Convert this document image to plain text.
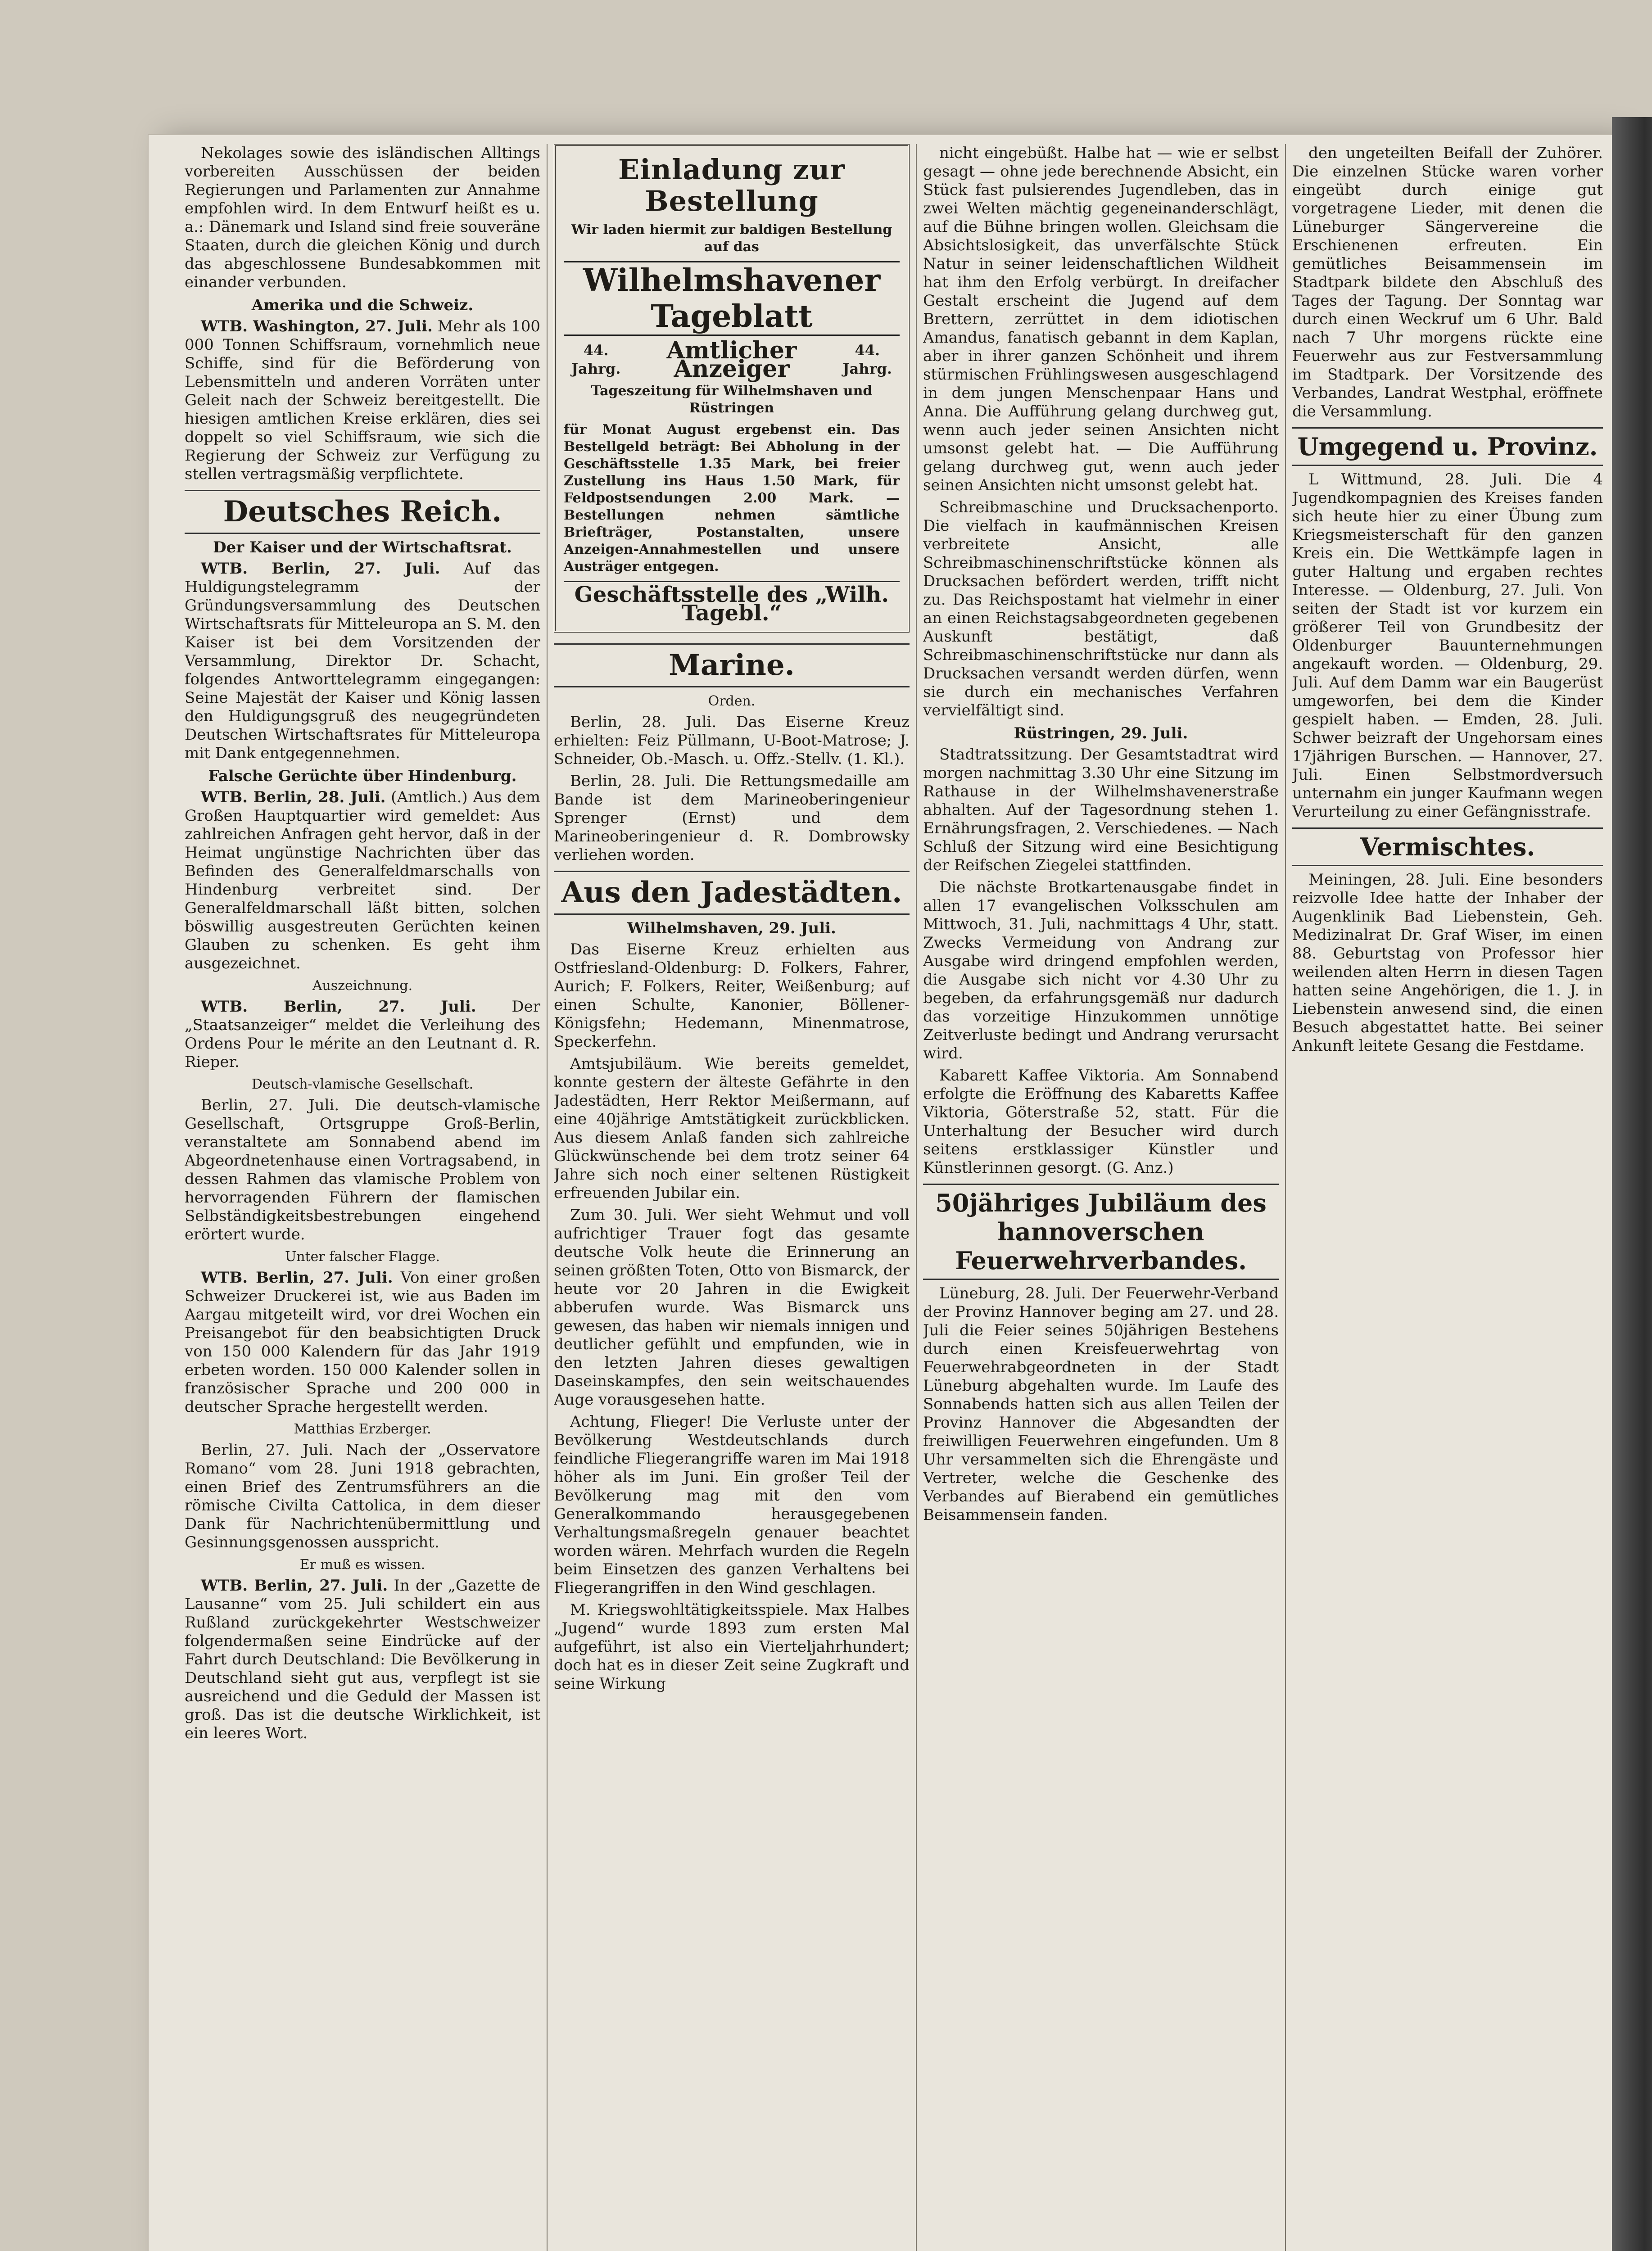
Nekolages sowie des isländischen Alltings vorbereiten Ausschüssen der beiden Regierungen und Parlamenten zur Annahme empfohlen wird. In dem Entwurf heißt es u. a.: Dänemark und Island sind freie souveräne Staaten, durch die gleichen König und durch das abgeschlossene Bundesabkommen mit einander verbunden.

Amerika und die Schweiz.

WTB. Washington, 27. Juli. Mehr als 100 000 Tonnen Schiffsraum, vornehmlich neue Schiffe, sind für die Beförderung von Lebensmitteln und anderen Vorräten unter Geleit nach der Schweiz bereitgestellt. Die hiesigen amtlichen Kreise erklären, dies sei doppelt so viel Schiffsraum, wie sich die Regierung der Schweiz zur Verfügung zu stellen vertragsmäßig verpflichtete.

Deutsches Reich.
Der Kaiser und der Wirtschaftsrat.

WTB. Berlin, 27. Juli. Auf das Huldigungstelegramm der Gründungsversammlung des Deutschen Wirtschaftsrats für Mitteleuropa an S. M. den Kaiser ist bei dem Vorsitzenden der Versammlung, Direktor Dr. Schacht, folgendes Antworttelegramm eingegangen: Seine Majestät der Kaiser und König lassen den Huldigungsgruß des neugegründeten Deutschen Wirtschaftsrates für Mitteleuropa mit Dank entgegennehmen.

Falsche Gerüchte über Hindenburg.

WTB. Berlin, 28. Juli. (Amtlich.) Aus dem Großen Hauptquartier wird gemeldet: Aus zahlreichen Anfragen geht hervor, daß in der Heimat ungünstige Nachrichten über das Befinden des Generalfeldmarschalls von Hindenburg verbreitet sind. Der Generalfeldmarschall läßt bitten, solchen böswillig ausgestreuten Gerüchten keinen Glauben zu schenken. Es geht ihm ausgezeichnet.

Auszeichnung.

WTB. Berlin, 27. Juli. Der „Staatsanzeiger“ meldet die Verleihung des Ordens Pour le mérite an den Leutnant d. R. Rieper.

Deutsch-vlamische Gesellschaft.

Berlin, 27. Juli. Die deutsch-vlamische Gesellschaft, Ortsgruppe Groß-Berlin, veranstaltete am Sonnabend abend im Abgeordnetenhause einen Vortragsabend, in dessen Rahmen das vlamische Problem von hervorragenden Führern der flamischen Selbständigkeitsbestrebungen eingehend erörtert wurde.

Unter falscher Flagge.

WTB. Berlin, 27. Juli. Von einer großen Schweizer Druckerei ist, wie aus Baden im Aargau mitgeteilt wird, vor drei Wochen ein Preisangebot für den beabsichtigten Druck von 150 000 Kalendern für das Jahr 1919 erbeten worden. 150 000 Kalender sollen in französischer Sprache und 200 000 in deutscher Sprache hergestellt werden.

Matthias Erzberger.

Berlin, 27. Juli. Nach der „Osservatore Romano“ vom 28. Juni 1918 gebrachten, einen Brief des Zentrumsführers an die römische Civilta Cattolica, in dem dieser Dank für Nachrichtenübermittlung und Gesinnungsgenossen ausspricht.

Er muß es wissen.

WTB. Berlin, 27. Juli. In der „Gazette de Lausanne“ vom 25. Juli schildert ein aus Rußland zurückgekehrter Westschweizer folgendermaßen seine Eindrücke auf der Fahrt durch Deutschland: Die Bevölkerung in Deutschland sieht gut aus, verpflegt ist sie ausreichend und die Geduld der Massen ist groß. Das ist die deutsche Wirklichkeit, ist ein leeres Wort.

Einladung zur Bestellung
Wir laden hiermit zur baldigen Bestellung auf das
Wilhelmshavener Tageblatt
44. Jahrg.
Amtlicher Anzeiger
44. Jahrg.
Tageszeitung für Wilhelmshaven und Rüstringen
für Monat August ergebenst ein. Das Bestellgeld beträgt: Bei Abholung in der Geschäftsstelle 1.35 Mark, bei freier Zustellung ins Haus 1.50 Mark, für Feldpostsendungen 2.00 Mark. — Bestellungen nehmen sämtliche Briefträger, Postanstalten, unsere Anzeigen-Annahmestellen und unsere Austräger entgegen.
Geschäftsstelle des „Wilh. Tagebl.“
Marine.
Orden.

Berlin, 28. Juli. Das Eiserne Kreuz erhielten: Feiz Püllmann, U-Boot-Matrose; J. Schneider, Ob.-Masch. u. Offz.-Stellv. (1. Kl.).

Berlin, 28. Juli. Die Rettungsmedaille am Bande ist dem Marineoberingenieur Sprenger (Ernst) und dem Marineoberingenieur d. R. Dombrowsky verliehen worden.

Aus den Jadestädten.
Wilhelmshaven, 29. Juli.

Das Eiserne Kreuz erhielten aus Ostfriesland-Oldenburg: D. Folkers, Fahrer, Aurich; F. Folkers, Reiter, Weißenburg; auf einen Schulte, Kanonier, Böllener-Königsfehn; Hedemann, Minenmatrose, Speckerfehn.

Amtsjubiläum. Wie bereits gemeldet, konnte gestern der älteste Gefährte in den Jadestädten, Herr Rektor Meißermann, auf eine 40jährige Amtstätigkeit zurückblicken. Aus diesem Anlaß fanden sich zahlreiche Glückwünschende bei dem trotz seiner 64 Jahre sich noch einer seltenen Rüstigkeit erfreuenden Jubilar ein.

Zum 30. Juli. Wer sieht Wehmut und voll aufrichtiger Trauer fogt das gesamte deutsche Volk heute die Erinnerung an seinen größten Toten, Otto von Bismarck, der heute vor 20 Jahren in die Ewigkeit abberufen wurde. Was Bismarck uns gewesen, das haben wir niemals innigen und deutlicher gefühlt und empfunden, wie in den letzten Jahren dieses gewaltigen Daseinskampfes, den sein weitschauendes Auge vorausgesehen hatte.

Achtung, Flieger! Die Verluste unter der Bevölkerung Westdeutschlands durch feindliche Fliegerangriffe waren im Mai 1918 höher als im Juni. Ein großer Teil der Bevölkerung mag mit den vom Generalkommando herausgegebenen Verhaltungsmaßregeln genauer beachtet worden wären. Mehrfach wurden die Regeln beim Einsetzen des ganzen Verhaltens bei Fliegerangriffen in den Wind geschlagen.

M. Kriegswohltätigkeitsspiele. Max Halbes „Jugend“ wurde 1893 zum ersten Mal aufgeführt, ist also ein Vierteljahrhundert; doch hat es in dieser Zeit seine Zugkraft und seine Wirkung

nicht eingebüßt. Halbe hat — wie er selbst gesagt — ohne jede berechnende Absicht, ein Stück fast pulsierendes Jugendleben, das in zwei Welten mächtig gegeneinanderschlägt, auf die Bühne bringen wollen. Gleichsam die Absichtslosigkeit, das unverfälschte Stück Natur in seiner leidenschaftlichen Wildheit hat ihm den Erfolg verbürgt. In dreifacher Gestalt erscheint die Jugend auf dem Brettern, zerrüttet in dem idiotischen Amandus, fanatisch gebannt in dem Kaplan, aber in ihrer ganzen Schönheit und ihrem stürmischen Frühlingswesen ausgeschlagend in dem jungen Menschenpaar Hans und Anna. Die Aufführung gelang durchweg gut, wenn auch jeder seinen Ansichten nicht umsonst gelebt hat. — Die Aufführung gelang durchweg gut, wenn auch jeder seinen Ansichten nicht umsonst gelebt hat.

Schreibmaschine und Drucksachenporto. Die vielfach in kaufmännischen Kreisen verbreitete Ansicht, alle Schreibmaschinenschriftstücke können als Drucksachen befördert werden, trifft nicht zu. Das Reichspostamt hat vielmehr in einer an einen Reichstagsabgeordneten gegebenen Auskunft bestätigt, daß Schreibmaschinenschriftstücke nur dann als Drucksachen versandt werden dürfen, wenn sie durch ein mechanisches Verfahren vervielfältigt sind.

Rüstringen, 29. Juli.

Stadtratssitzung. Der Gesamtstadtrat wird morgen nachmittag 3.30 Uhr eine Sitzung im Rathause in der Wilhelmshavenerstraße abhalten. Auf der Tagesordnung stehen 1. Ernährungsfragen, 2. Verschiedenes. — Nach Schluß der Sitzung wird eine Besichtigung der Reifschen Ziegelei stattfinden.

Die nächste Brotkartenausgabe findet in allen 17 evangelischen Volksschulen am Mittwoch, 31. Juli, nachmittags 4 Uhr, statt. Zwecks Vermeidung von Andrang zur Ausgabe wird dringend empfohlen werden, die Ausgabe sich nicht vor 4.30 Uhr zu begeben, da erfahrungsgemäß nur dadurch das vorzeitige Hinzukommen unnötige Zeitverluste bedingt und Andrang verursacht wird.

Kabarett Kaffee Viktoria. Am Sonnabend erfolgte die Eröffnung des Kabaretts Kaffee Viktoria, Göterstraße 52, statt. Für die Unterhaltung der Besucher wird durch seitens erstklassiger Künstler und Künstlerinnen gesorgt. (G. Anz.)

50jähriges Jubiläum des hannoverschen Feuerwehrverbandes.

Lüneburg, 28. Juli. Der Feuerwehr-Verband der Provinz Hannover beging am 27. und 28. Juli die Feier seines 50jährigen Bestehens durch einen Kreisfeuerwehrtag von Feuerwehrabgeordneten in der Stadt Lüneburg abgehalten wurde. Im Laufe des Sonnabends hatten sich aus allen Teilen der Provinz Hannover die Abgesandten der freiwilligen Feuerwehren eingefunden. Um 8 Uhr versammelten sich die Ehrengäste und Vertreter, welche die Geschenke des Verbandes auf Bierabend ein gemütliches Beisammensein fanden.

den ungeteilten Beifall der Zuhörer. Die einzelnen Stücke waren vorher eingeübt durch einige gut vorgetragene Lieder, mit denen die Lüneburger Sängervereine die Erschienenen erfreuten. Ein gemütliches Beisammensein im Stadtpark bildete den Abschluß des Tages der Tagung. Der Sonntag war durch einen Weckruf um 6 Uhr. Bald nach 7 Uhr morgens rückte eine Feuerwehr aus zur Festversammlung im Stadtpark. Der Vorsitzende des Verbandes, Landrat Westphal, eröffnete die Versammlung.

Umgegend u. Provinz.

L Wittmund, 28. Juli. Die 4 Jugendkompagnien des Kreises fanden sich heute hier zu einer Übung zum Kriegsmeisterschaft für den ganzen Kreis ein. Die Wettkämpfe lagen in guter Haltung und ergaben rechtes Interesse. — Oldenburg, 27. Juli. Von seiten der Stadt ist vor kurzem ein größerer Teil von Grundbesitz der Oldenburger Bauunternehmungen angekauft worden. — Oldenburg, 29. Juli. Auf dem Damm war ein Baugerüst umgeworfen, bei dem die Kinder gespielt haben. — Emden, 28. Juli. Schwer beizraft der Ungehorsam eines 17jährigen Burschen. — Hannover, 27. Juli. Einen Selbstmordversuch unternahm ein junger Kaufmann wegen Verurteilung zu einer Gefängnisstrafe.

Vermischtes.

Meiningen, 28. Juli. Eine besonders reizvolle Idee hatte der Inhaber der Augenklinik Bad Liebenstein, Geh. Medizinalrat Dr. Graf Wiser, im einen 88. Geburtstag von Professor hier weilenden alten Herrn in diesen Tagen hatten seine Angehörigen, die 1. J. in Liebenstein anwesend sind, die einen Besuch abgestattet hatte. Bei seiner Ankunft leitete Gesang die Festdame.
